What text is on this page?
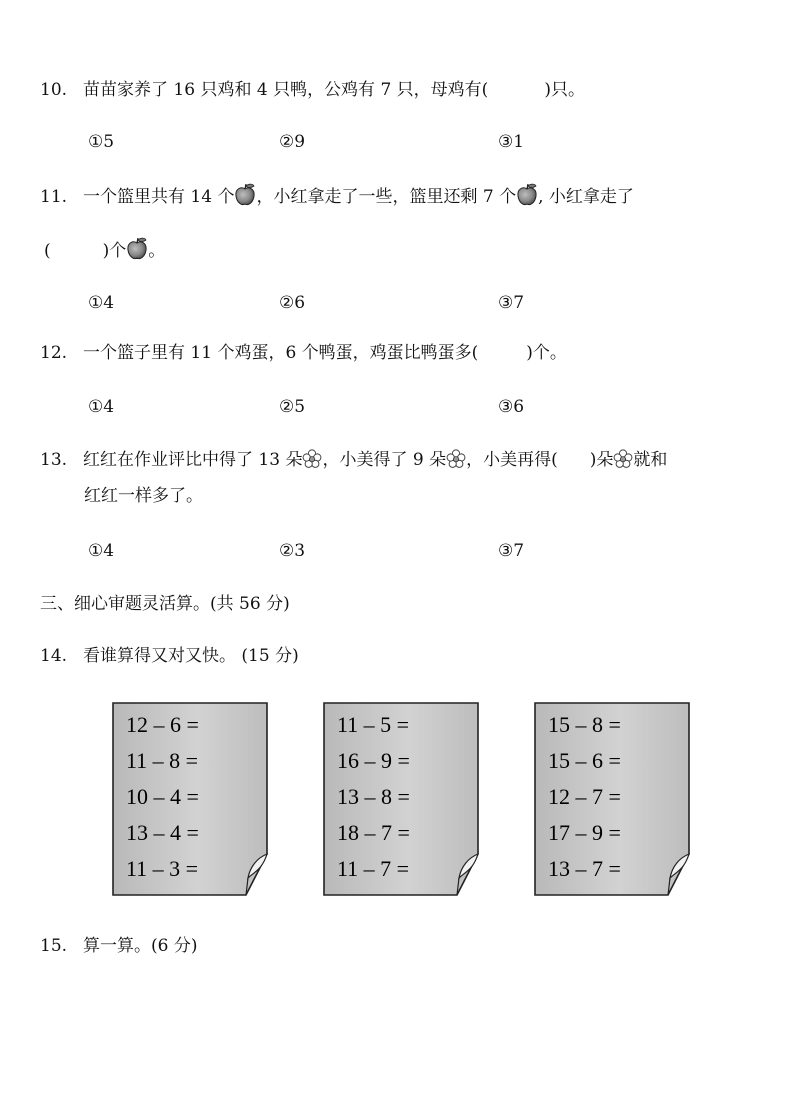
10. 苗苗家养了 16 只鸡和 4 只鸭，公鸡有 7 只，母鸡有(	)只。
①5	②9	③1
11. 一个篮里共有 14 个 ，小红拿走了一些，篮里还剩 7 个 , 小红拿走了
(	)个 。
①4	②6	③7
12. 一个篮子里有 11 个鸡蛋，6 个鸭蛋，鸡蛋比鸭蛋多(	)个。
①4	②5	③6
13. 红红在作业评比中得了 13 朵 ，小美得了 9 朵 ，小美再得( )朵 就和
红红一样多了。
①4	②3	③7
三、细心审题灵活算。(共 56 分)
14. 看谁算得又对又快。 (15 分)
12 – 6 =
11 – 8 =
10 – 4 =
13 – 4 =
11 – 3 =
11 – 5 =
16 – 9 =
13 – 8 =
18 – 7 =
11 – 7 =
15 – 8 =
15 – 6 =
12 – 7 =
17 – 9 =
13 – 7 =
15. 算一算。(6 分)
